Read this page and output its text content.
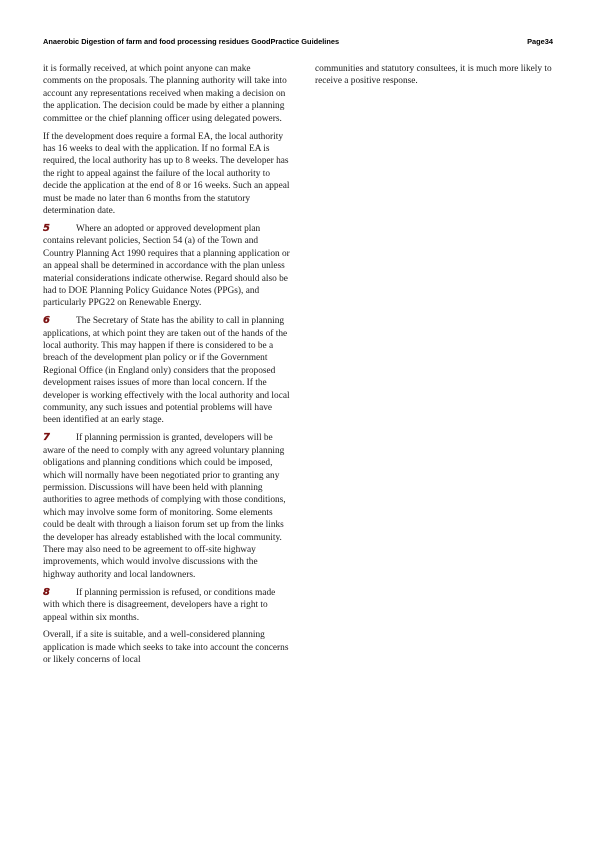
Anaerobic Digestion of farm and food processing residues GoodPractice Guidelines	Page34

it is formally received, at which point anyone can make comments on the proposals. The planning authority will take into account any representations received when making a decision on the application. The decision could be made by either a planning committee or the chief planning officer using delegated powers.

If the development does require a formal EA, the local authority has 16 weeks to deal with the application. If no formal EA is required, the local authority has up to 8 weeks. The developer has the right to appeal against the failure of the local authority to decide the application at the end of 8 or 16 weeks. Such an appeal must be made no later than 6 months from the statutory determination date.

5	Where an adopted or approved development plan contains relevant policies, Section 54 (a) of the Town and Country Planning Act 1990 requires that a planning application or an appeal shall be determined in accordance with the plan unless material considerations indicate otherwise. Regard should also be had to DOE Planning Policy Guidance Notes (PPGs), and particularly PPG22 on Renewable Energy.

6	The Secretary of State has the ability to call in planning applications, at which point they are taken out of the hands of the local authority. This may happen if there is considered to be a breach of the development plan policy or if the Government Regional Office (in England only) considers that the proposed development raises issues of more than local concern. If the developer is working effectively with the local authority and local community, any such issues and potential problems will have been identified at an early stage.

7	If planning permission is granted, developers will be aware of the need to comply with any agreed voluntary planning obligations and planning conditions which could be imposed, which will normally have been negotiated prior to granting any permission. Discussions will have been held with planning authorities to agree methods of complying with those conditions, which may involve some form of monitoring. Some elements could be dealt with through a liaison forum set up from the links the developer has already established with the local community. There may also need to be agreement to off-site highway improvements, which would involve discussions with the highway authority and local landowners.

8	If planning permission is refused, or conditions made with which there is disagreement, developers have a right to appeal within six months.

Overall, if a site is suitable, and a well-considered planning application is made which seeks to take into account the concerns or likely concerns of local

communities and statutory consultees, it is much more likely to receive a positive response.
